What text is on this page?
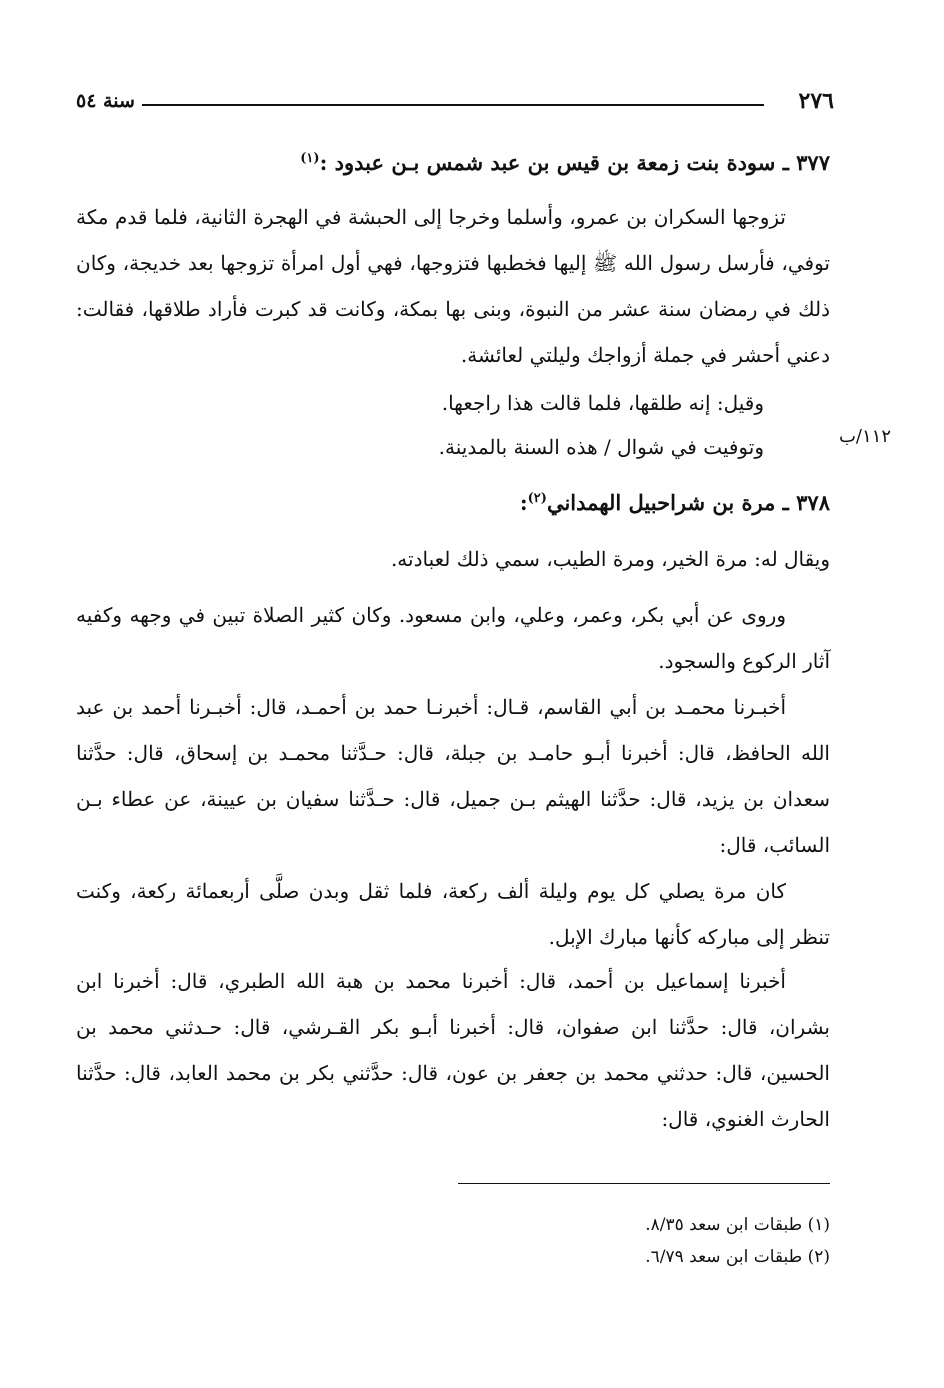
٢٧٦
سنة ٥٤
٣٧٧ ـ سودة بنت زمعة بن قيس بن عبد شمس بـن عبدود :$^{(١)}$
تزوجها السكران بن عمرو، وأسلما وخرجا إلى الحبشة في الهجرة الثانية، فلما قدم مكة توفي، فأرسل رسول الله ﷺ إليها فخطبها فتزوجها، فهي أول امرأة تزوجها بعد خديجة، وكان ذلك في رمضان سنة عشر من النبوة، وبنى بها بمكة، وكانت قد كبرت فأراد طلاقها، فقالت: دعني أحشر في جملة أزواجك وليلتي لعائشة.
وقيل: إنه طلقها، فلما قالت هذا راجعها.
وتوفيت في شوال / هذه السنة بالمدينة.	١١٢/ب
٣٧٨ ـ مرة بن شراحبيل الهمداني$^{(٢)}$:
ويقال له: مرة الخير، ومرة الطيب، سمي ذلك لعبادته.
وروى عن أبي بكر، وعمر، وعلي، وابن مسعود. وكان كثير الصلاة تبين في وجهه وكفيه آثار الركوع والسجود.
أخبـرنا محمـد بن أبي القاسم، قـال: أخبرنـا حمد بن أحمـد، قال: أخبـرنا أحمد بن عبد الله الحافظ، قال: أخبرنا أبـو حامـد بن جبلة، قال: حـدَّثنا محمـد بن إسحاق، قال: حدَّثنا سعدان بن يزيد، قال: حدَّثنا الهيثم بـن جميل، قال: حـدَّثنا سفيان بن عيينة، عن عطاء بـن السائب، قال:
كان مرة يصلي كل يوم وليلة ألف ركعة، فلما ثقل وبدن صلَّى أربعمائة ركعة، وكنت تنظر إلى مباركه كأنها مبارك الإبل.
أخبرنا إسماعيل بن أحمد، قال: أخبرنا محمد بن هبة الله الطبري، قال: أخبرنا ابن بشران، قال: حدَّثنا ابن صفوان، قال: أخبرنا أبـو بكر القـرشي، قال: حـدثني محمد بن الحسين، قال: حدثني محمد بن جعفر بن عون، قال: حدَّثني بكر بن محمد العابد، قال: حدَّثنا الحارث الغنوي، قال:
(١) طبقات ابن سعد ٨/٣٥.
(٢) طبقات ابن سعد ٦/٧٩.
